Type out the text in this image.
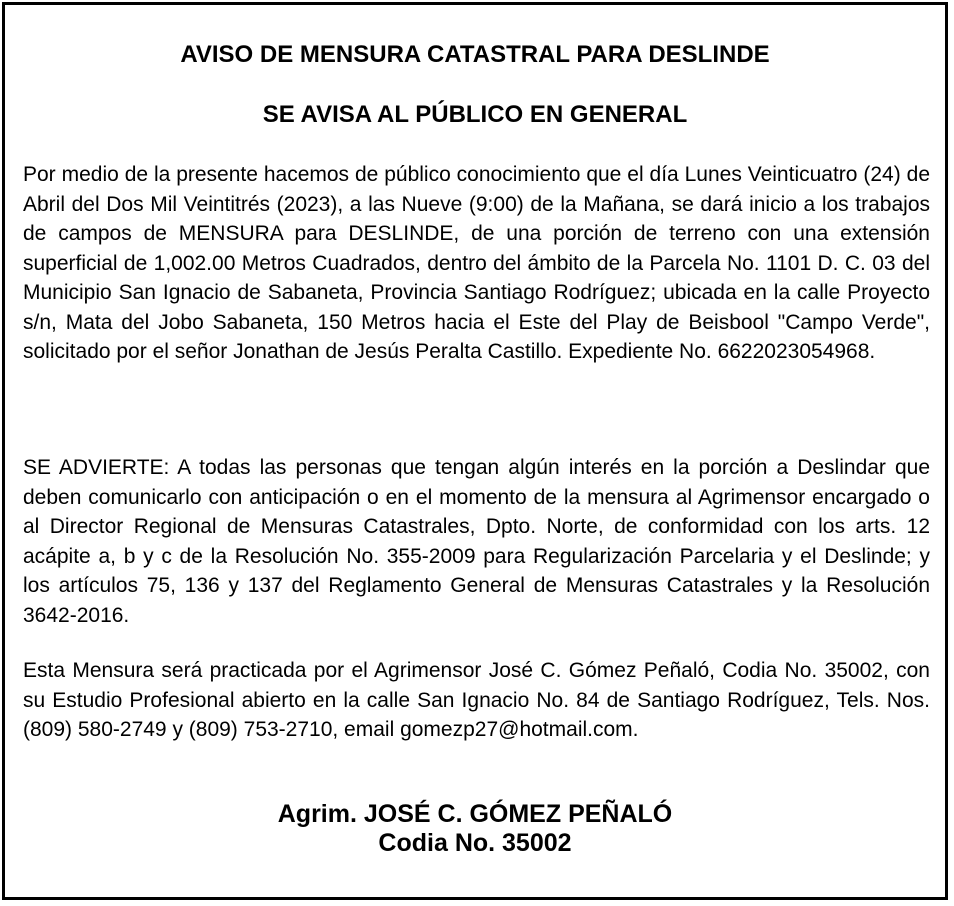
AVISO DE MENSURA CATASTRAL PARA DESLINDE
SE AVISA AL PÚBLICO EN GENERAL

Por medio de la presente hacemos de público conocimiento que el día Lunes Veinticuatro (24) de Abril del Dos Mil Veintitrés (2023), a las Nueve (9:00) de la Mañana, se dará inicio a los trabajos de campos de MENSURA para DESLINDE, de una porción de terreno con una extensión superficial de 1,002.00 Metros Cuadrados, dentro del ámbito de la Parcela No. 1101 D. C. 03 del Municipio San Ignacio de Sabaneta, Provincia Santiago Rodríguez; ubicada en la calle Proyecto s/n, Mata del Jobo Sabaneta, 150 Metros hacia el Este del Play de Beisbool "Campo Verde", solicitado por el señor Jonathan de Jesús Peralta Castillo. Expediente No. 6622023054968.

SE ADVIERTE: A todas las personas que tengan algún interés en la porción a Deslindar que deben comunicarlo con anticipación o en el momento de la mensura al Agrimensor encargado o al Director Regional de Mensuras Catastrales, Dpto. Norte, de conformidad con los arts. 12 acápite a, b y c de la Resolución No. 355-2009 para Regularización Parcelaria y el Deslinde; y los artículos 75, 136 y 137 del Reglamento General de Mensuras Catastrales y la Resolución 3642-2016.

Esta Mensura será practicada por el Agrimensor José C. Gómez Peñaló, Codia No. 35002, con su Estudio Profesional abierto en la calle San Ignacio No. 84 de Santiago Rodríguez, Tels. Nos. (809) 580-2749 y (809) 753-2710, email gomezp27@hotmail.com.

Agrim. JOSÉ C. GÓMEZ PEÑALÓ
Codia No. 35002
